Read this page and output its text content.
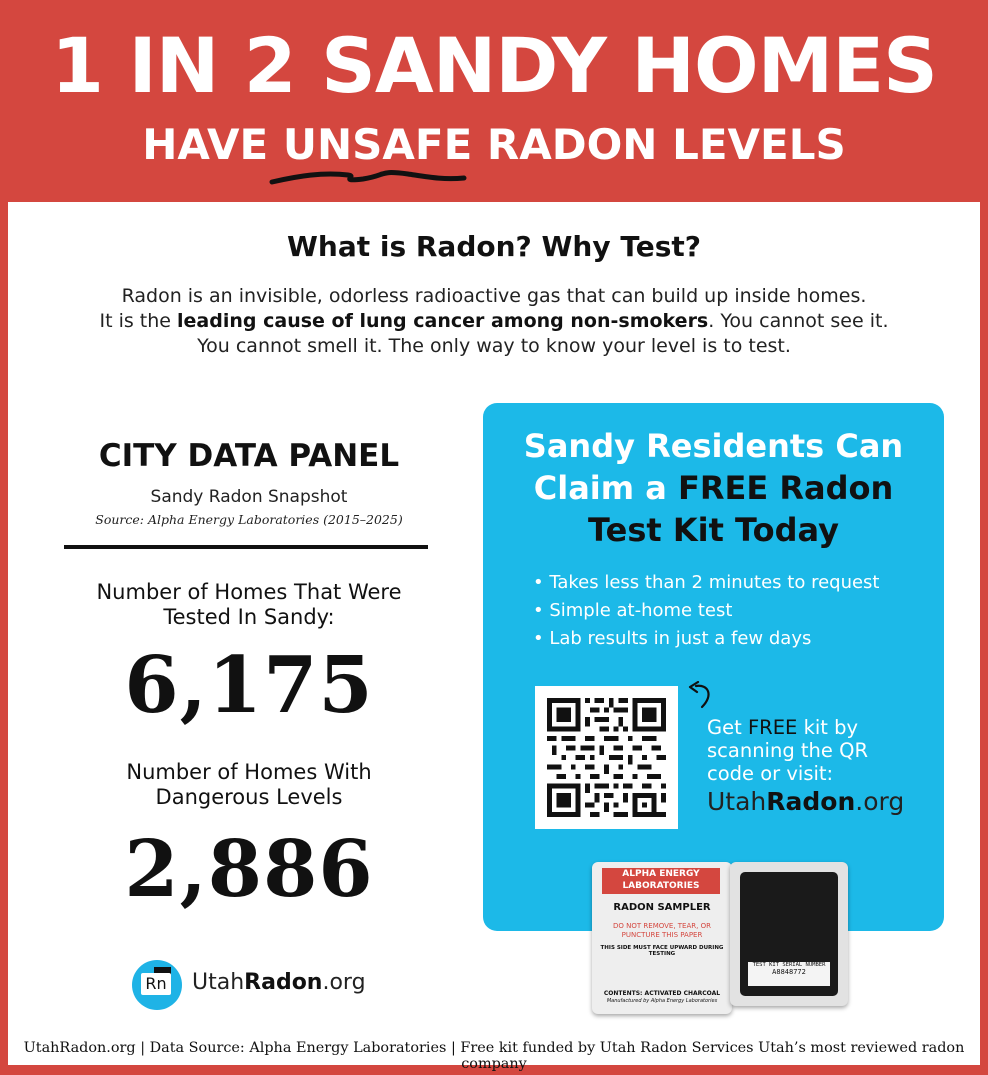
1 IN 2 SANDY HOMES
HAVE UNSAFE RADON LEVELS
What is Radon? Why Test?
Radon is an invisible, odorless radioactive gas that can build up inside homes.
It is the leading cause of lung cancer among non-smokers. You cannot see it.
You cannot smell it. The only way to know your level is to test.
CITY DATA PANEL
Sandy Radon Snapshot
Source: Alpha Energy Laboratories (2015–2025)
Number of Homes That Were
Tested In Sandy:
6,175
Number of Homes With
Dangerous Levels
2,886
Rn UtahRadon.org
Sandy Residents Can
Claim a FREE Radon
Test Kit Today
• Takes less than 2 minutes to request
• Simple at-home test
• Lab results in just a few days
Get FREE kit by
scanning the QR
code or visit:
UtahRadon.org
UtahRadon.org | Data Source: Alpha Energy Laboratories | Free kit funded by Utah Radon Services Utah’s most reviewed radon company
ALPHA ENERGY
LABORATORIES
RADON SAMPLER
DO NOT REMOVE, TEAR, OR
PUNCTURE THIS PAPER
THIS SIDE MUST FACE UPWARD DURING TESTING
CONTENTS: ACTIVATED CHARCOAL
Manufactured by Alpha Energy Laboratories
TEST KIT SERIAL NUMBER
A8848772
